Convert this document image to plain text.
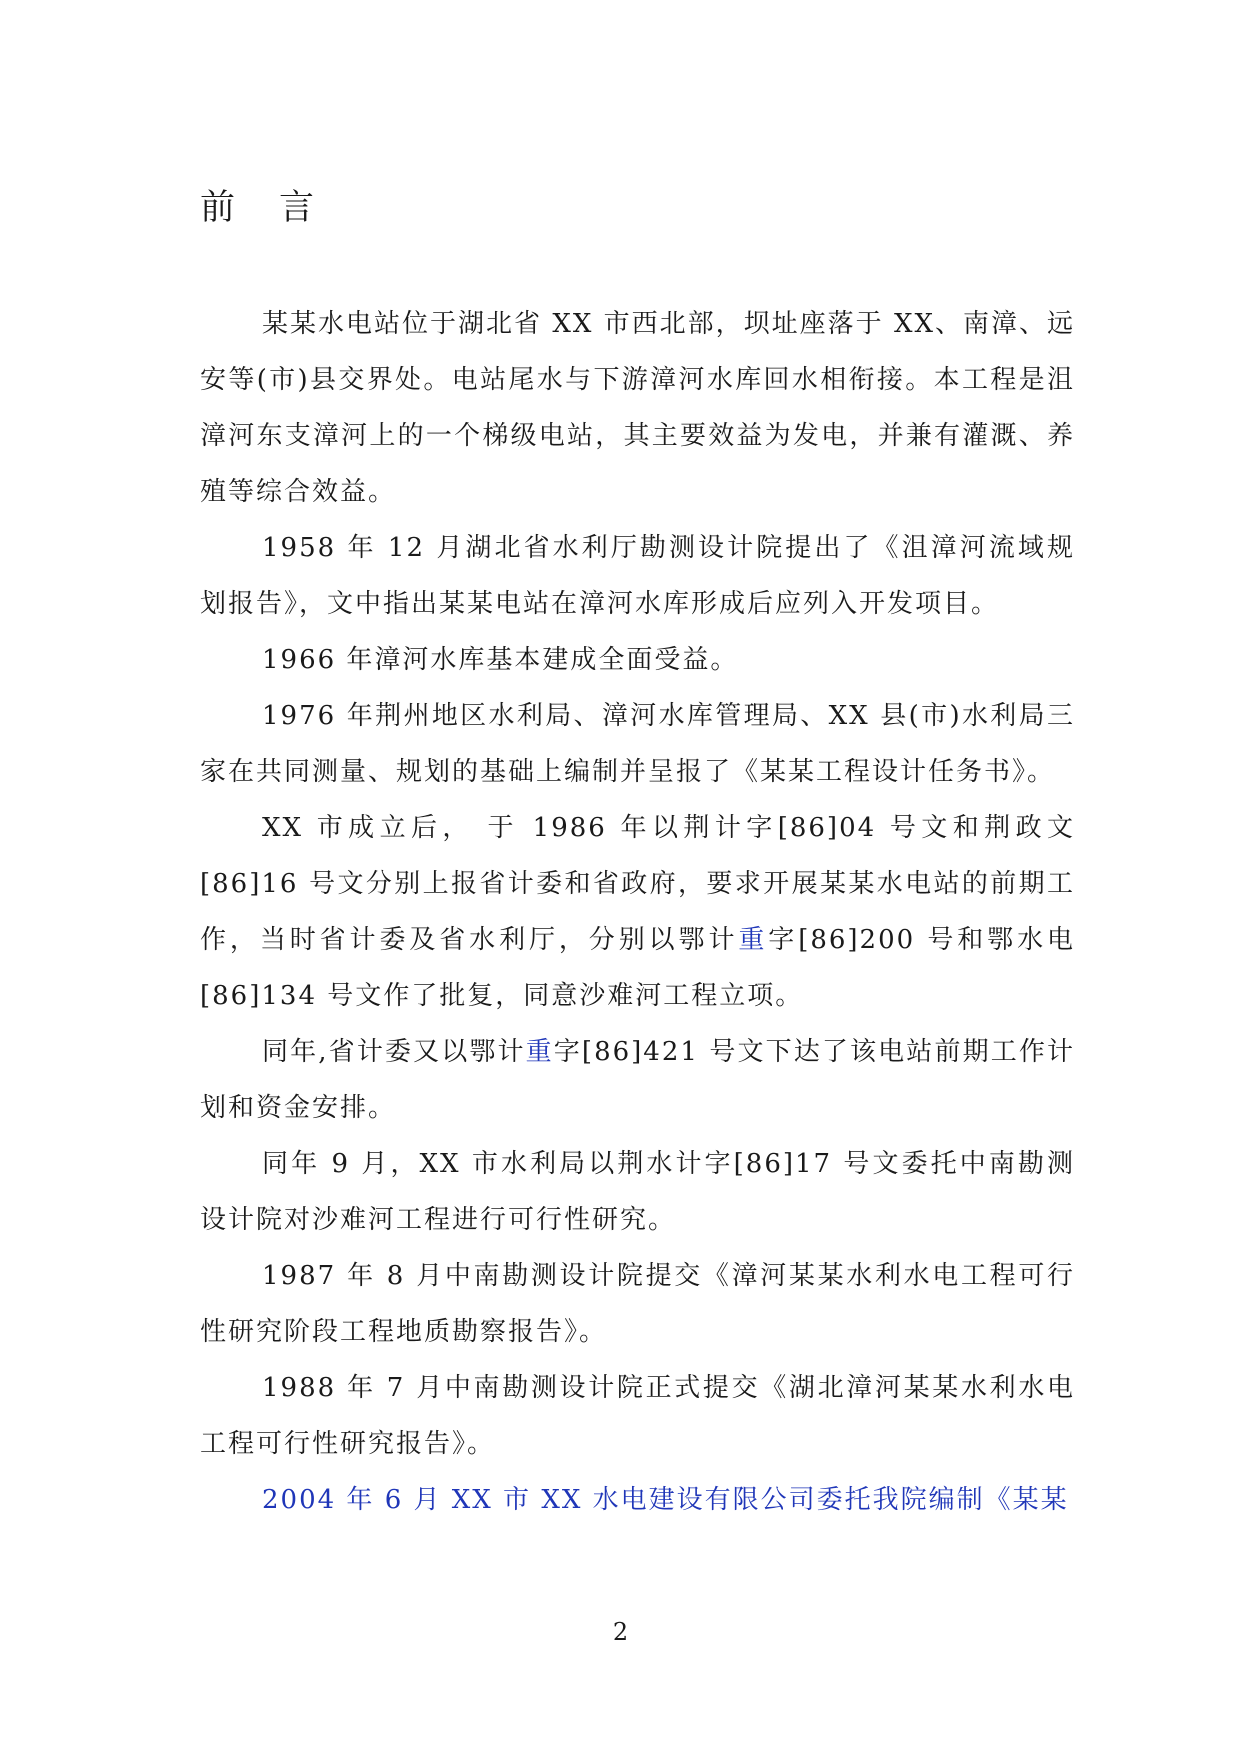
前 言

某某水电站位于湖北省 XX 市西北部，坝址座落于 XX、南漳、远安等(市)县交界处。电站尾水与下游漳河水库回水相衔接。本工程是沮漳河东支漳河上的一个梯级电站，其主要效益为发电，并兼有灌溉、养殖等综合效益。

1958 年 12 月湖北省水利厅勘测设计院提出了《沮漳河流域规划报告》，文中指出某某电站在漳河水库形成后应列入开发项目。

1966 年漳河水库基本建成全面受益。

1976 年荆州地区水利局、漳河水库管理局、XX 县(市)水利局三家在共同测量、规划的基础上编制并呈报了《某某工程设计任务书》。

XX 市成立后， 于 1986 年以荆计字[86]04 号文和荆政文[86]16 号文分别上报省计委和省政府，要求开展某某水电站的前期工作，当时省计委及省水利厅，分别以鄂计重字[86]200 号和鄂水电[86]134 号文作了批复，同意沙难河工程立项。

同年,省计委又以鄂计重字[86]421 号文下达了该电站前期工作计划和资金安排。

同年 9 月，XX 市水利局以荆水计字[86]17 号文委托中南勘测设计院对沙难河工程进行可行性研究。

1987 年 8 月中南勘测设计院提交《漳河某某水利水电工程可行性研究阶段工程地质勘察报告》。

1988 年 7 月中南勘测设计院正式提交《湖北漳河某某水利水电工程可行性研究报告》。

2004 年 6 月 XX 市 XX 水电建设有限公司委托我院编制《某某

2
